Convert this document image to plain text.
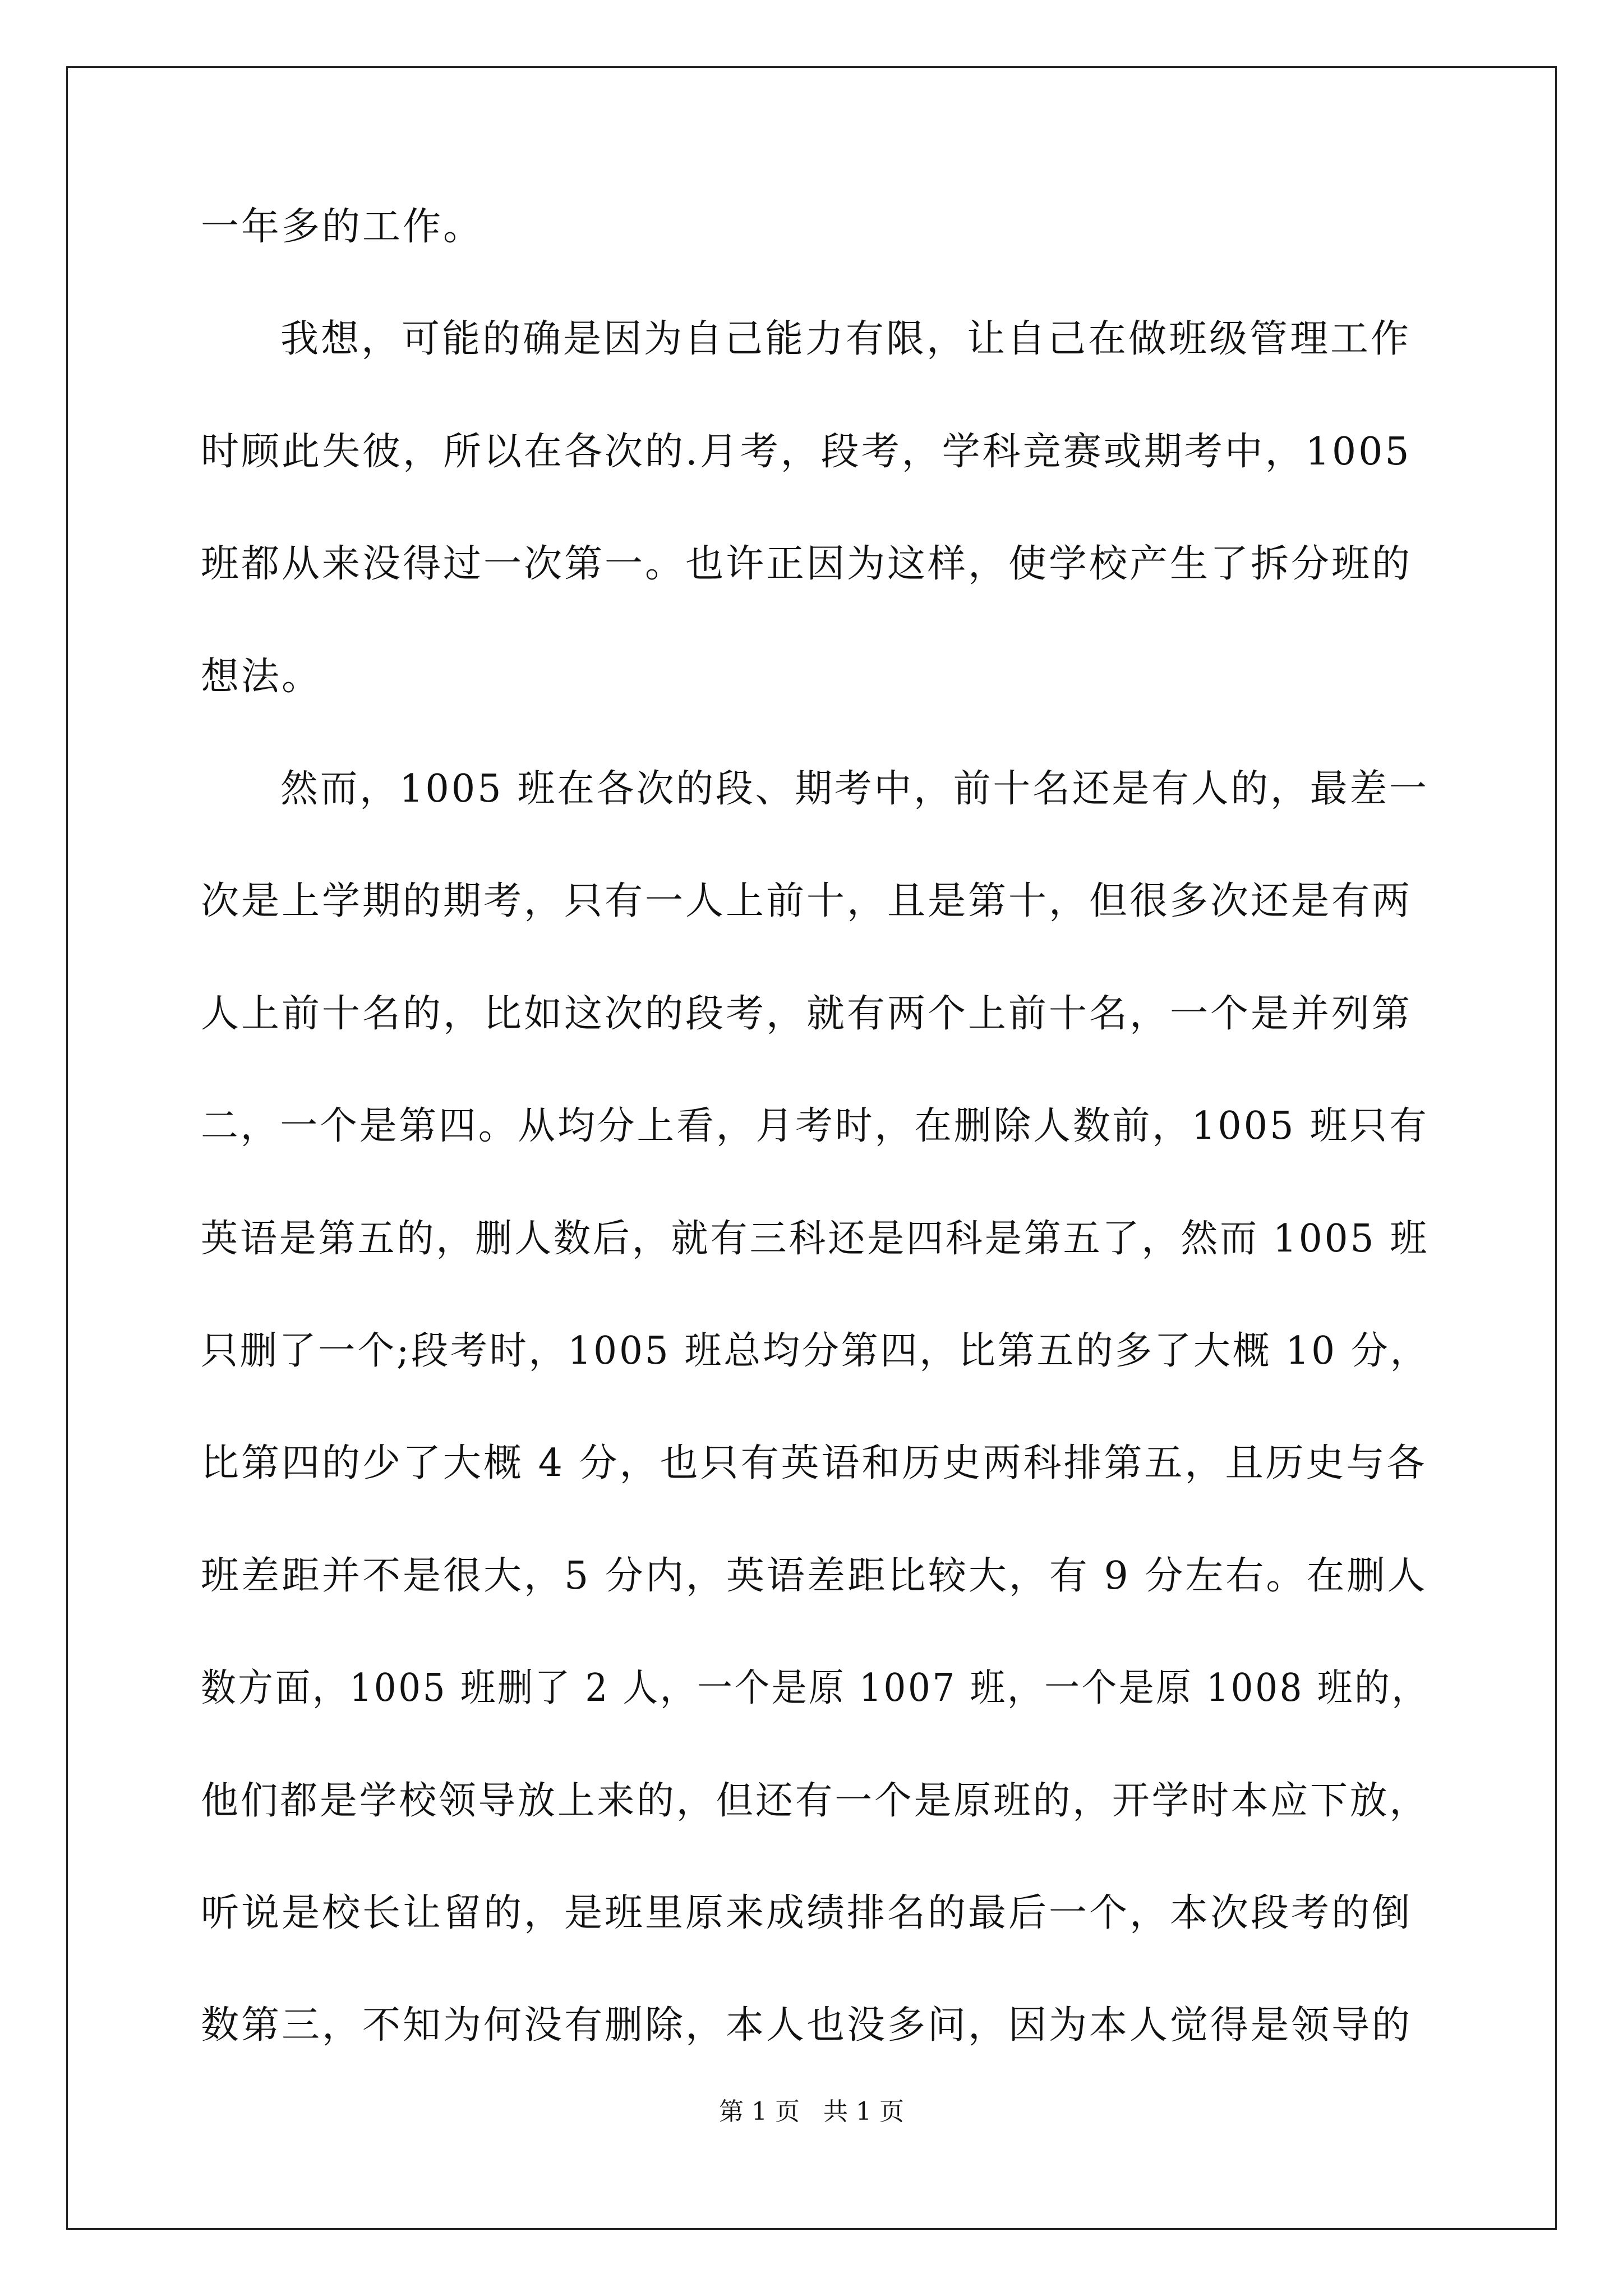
一年多的工作。
我想，可能的确是因为自己能力有限，让自己在做班级管理工作
时顾此失彼，所以在各次的.月考，段考，学科竞赛或期考中，1005
班都从来没得过一次第一。也许正因为这样，使学校产生了拆分班的
想法。
然而，1005 班在各次的段、期考中，前十名还是有人的，最差一
次是上学期的期考，只有一人上前十，且是第十，但很多次还是有两
人上前十名的，比如这次的段考，就有两个上前十名，一个是并列第
二，一个是第四。从均分上看，月考时，在删除人数前，1005 班只有
英语是第五的，删人数后，就有三科还是四科是第五了，然而 1005 班
只删了一个;段考时，1005 班总均分第四，比第五的多了大概 10 分，
比第四的少了大概 4 分，也只有英语和历史两科排第五，且历史与各
班差距并不是很大，5 分内，英语差距比较大，有 9 分左右。在删人
数方面，1005 班删了 2 人，一个是原 1007 班，一个是原 1008 班的，
他们都是学校领导放上来的，但还有一个是原班的，开学时本应下放，
听说是校长让留的，是班里原来成绩排名的最后一个，本次段考的倒
数第三，不知为何没有删除，本人也没多问，因为本人觉得是领导的
第 1 页   共 1 页
